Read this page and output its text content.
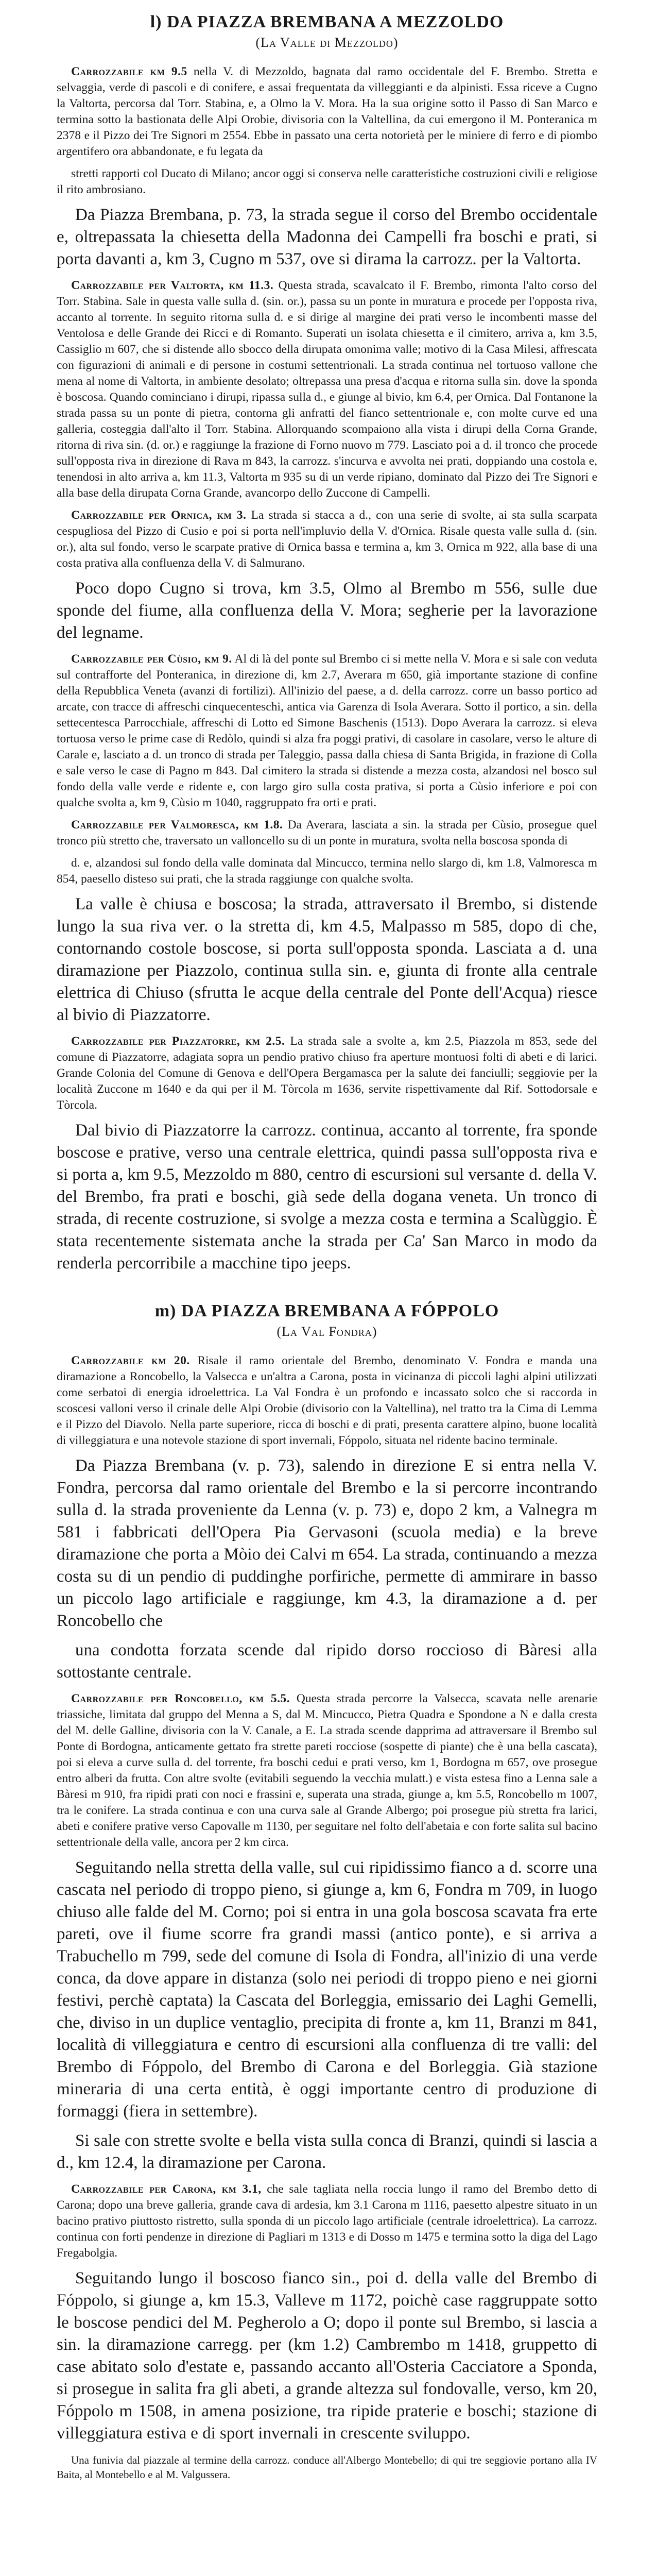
l) DA PIAZZA BREMBANA A MEZZOLDO
(La Valle di Mezzoldo)

Carrozzabile km 9.5 nella V. di Mezzoldo, bagnata dal ramo occidentale del F. Brembo. Stretta e selvaggia, verde di pascoli e di conifere, e assai frequentata da villeggianti e da alpinisti. Essa riceve a Cugno la Valtorta, percorsa dal Torr. Stabina, e, a Olmo la V. Mora. Ha la sua origine sotto il Passo di San Marco e termina sotto la bastionata delle Alpi Orobie, divisoria con la Valtellina, da cui emergono il M. Ponteranica m 2378 e il Pizzo dei Tre Signori m 2554. Ebbe in passato una certa notorietà per le miniere di ferro e di piombo argentifero ora abbandonate, e fu legata da

stretti rapporti col Ducato di Milano; ancor oggi si conserva nelle caratteristiche costruzioni civili e religiose il rito ambrosiano.

Da Piazza Brembana, p. 73, la strada segue il corso del Brembo occidentale e, oltrepassata la chiesetta della Madonna dei Campelli fra boschi e prati, si porta davanti a, km 3, Cugno m 537, ove si dirama la carrozz. per la Valtorta.

Carrozzabile per Valtorta, km 11.3. Questa strada, scavalcato il F. Brembo, rimonta l'alto corso del Torr. Stabina. Sale in questa valle sulla d. (sin. or.), passa su un ponte in muratura e procede per l'opposta riva, accanto al torrente. In seguito ritorna sulla d. e si dirige al margine dei prati verso le incombenti masse del Ventolosa e delle Grande dei Ricci e di Romanto. Superati un isolata chiesetta e il cimitero, arriva a, km 3.5, Cassiglio m 607, che si distende allo sbocco della dirupata omonima valle; motivo di la Casa Milesi, affrescata con figurazioni di animali e di persone in costumi settentrionali. La strada continua nel tortuoso vallone che mena al nome di Valtorta, in ambiente desolato; oltrepassa una presa d'acqua e ritorna sulla sin. dove la sponda è boscosa. Quando cominciano i dirupi, ripassa sulla d., e giunge al bivio, km 6.4, per Ornica. Dal Fontanone la strada passa su un ponte di pietra, contorna gli anfratti del fianco settentrionale e, con molte curve ed una galleria, costeggia dall'alto il Torr. Stabina. Allorquando scompaiono alla vista i dirupi della Corna Grande, ritorna di riva sin. (d. or.) e raggiunge la frazione di Forno nuovo m 779. Lasciato poi a d. il tronco che procede sull'opposta riva in direzione di Rava m 843, la carrozz. s'incurva e avvolta nei prati, doppiando una costola e, tenendosi in alto arriva a, km 11.3, Valtorta m 935 su di un verde ripiano, dominato dal Pizzo dei Tre Signori e alla base della dirupata Corna Grande, avancorpo dello Zuccone di Campelli.

Carrozzabile per Ornica, km 3. La strada si stacca a d., con una serie di svolte, ai sta sulla scarpata cespugliosa del Pizzo di Cusio e poi si porta nell'impluvio della V. d'Ornica. Risale questa valle sulla d. (sin. or.), alta sul fondo, verso le scarpate prative di Ornica bassa e termina a, km 3, Ornica m 922, alla base di una costa prativa alla confluenza della V. di Salmurano.

Poco dopo Cugno si trova, km 3.5, Olmo al Brembo m 556, sulle due sponde del fiume, alla confluenza della V. Mora; segherie per la lavorazione del legname.

Carrozzabile per Cùsio, km 9. Al di là del ponte sul Brembo ci si mette nella V. Mora e si sale con veduta sul contrafforte del Ponteranica, in direzione di, km 2.7, Averara m 650, già importante stazione di confine della Repubblica Veneta (avanzi di fortilizi). All'inizio del paese, a d. della carrozz. corre un basso portico ad arcate, con tracce di affreschi cinquecenteschi, antica via Garenza di Isola Averara. Sotto il portico, a sin. della settecentesca Parrocchiale, affreschi di Lotto ed Simone Baschenis (1513). Dopo Averara la carrozz. si eleva tortuosa verso le prime case di Redòlo, quindi si alza fra poggi prativi, di casolare in casolare, verso le alture di Carale e, lasciato a d. un tronco di strada per Taleggio, passa dalla chiesa di Santa Brigida, in frazione di Colla e sale verso le case di Pagno m 843. Dal cimitero la strada si distende a mezza costa, alzandosi nel bosco sul fondo della valle verde e ridente e, con largo giro sulla costa prativa, si porta a Cùsio inferiore e poi con qualche svolta a, km 9, Cùsio m 1040, raggruppato fra orti e prati.

Carrozzabile per Valmoresca, km 1.8. Da Averara, lasciata a sin. la strada per Cùsio, prosegue quel tronco più stretto che, traversato un valloncello su di un ponte in muratura, svolta nella boscosa sponda di

d. e, alzandosi sul fondo della valle dominata dal Mincucco, termina nello slargo di, km 1.8, Valmoresca m 854, paesello disteso sui prati, che la strada raggiunge con qualche svolta.

La valle è chiusa e boscosa; la strada, attraversato il Brembo, si distende lungo la sua riva ver. o la stretta di, km 4.5, Malpasso m 585, dopo di che, contornando costole boscose, si porta sull'opposta sponda. Lasciata a d. una diramazione per Piazzolo, continua sulla sin. e, giunta di fronte alla centrale elettrica di Chiuso (sfrutta le acque della centrale del Ponte dell'Acqua) riesce al bivio di Piazzatorre.

Carrozzabile per Piazzatorre, km 2.5. La strada sale a svolte a, km 2.5, Piazzola m 853, sede del comune di Piazzatorre, adagiata sopra un pendio prativo chiuso fra aperture montuosi folti di abeti e di larici. Grande Colonia del Comune di Genova e dell'Opera Bergamasca per la salute dei fanciulli; seggiovie per la località Zuccone m 1640 e da qui per il M. Tòrcola m 1636, servite rispettivamente dal Rif. Sottodorsale e Tòrcola.

Dal bivio di Piazzatorre la carrozz. continua, accanto al torrente, fra sponde boscose e prative, verso una centrale elettrica, quindi passa sull'opposta riva e si porta a, km 9.5, Mezzoldo m 880, centro di escursioni sul versante d. della V. del Brembo, fra prati e boschi, già sede della dogana veneta. Un tronco di strada, di recente costruzione, si svolge a mezza costa e termina a Scalùggio. È stata recentemente sistemata anche la strada per Ca' San Marco in modo da renderla percorribile a macchine tipo jeeps.

m) DA PIAZZA BREMBANA A FÓPPOLO
(La Val Fondra)

Carrozzabile km 20. Risale il ramo orientale del Brembo, denominato V. Fondra e manda una diramazione a Roncobello, la Valsecca e un'altra a Carona, posta in vicinanza di piccoli laghi alpini utilizzati come serbatoi di energia idroelettrica. La Val Fondra è un profondo e incassato solco che si raccorda in scoscesi valloni verso il crinale delle Alpi Orobie (divisorio con la Valtellina), nel tratto tra la Cima di Lemma e il Pizzo del Diavolo. Nella parte superiore, ricca di boschi e di prati, presenta carattere alpino, buone località di villeggiatura e una notevole stazione di sport invernali, Fóppolo, situata nel ridente bacino terminale.

Da Piazza Brembana (v. p. 73), salendo in direzione E si entra nella V. Fondra, percorsa dal ramo orientale del Brembo e la si percorre incontrando sulla d. la strada proveniente da Lenna (v. p. 73) e, dopo 2 km, a Valnegra m 581 i fabbricati dell'Opera Pia Gervasoni (scuola media) e la breve diramazione che porta a Mòio dei Calvi m 654. La strada, continuando a mezza costa su di un pendio di puddinghe porfiriche, permette di ammirare in basso un piccolo lago artificiale e raggiunge, km 4.3, la diramazione a d. per Roncobello che

una condotta forzata scende dal ripido dorso roccioso di Bàresi alla sottostante centrale.

Carrozzabile per Roncobello, km 5.5. Questa strada percorre la Valsecca, scavata nelle arenarie triassiche, limitata dal gruppo del Menna a S, dal M. Mincucco, Pietra Quadra e Spondone a N e dalla cresta del M. delle Galline, divisoria con la V. Canale, a E. La strada scende dapprima ad attraversare il Brembo sul Ponte di Bordogna, anticamente gettato fra strette pareti rocciose (sospette di piante) che è una bella cascata), poi si eleva a curve sulla d. del torrente, fra boschi cedui e prati verso, km 1, Bordogna m 657, ove prosegue entro alberi da frutta. Con altre svolte (evitabili seguendo la vecchia mulatt.) e vista estesa fino a Lenna sale a Bàresi m 910, fra ripidi prati con noci e frassini e, superata una strada, giunge a, km 5.5, Roncobello m 1007, tra le conifere. La strada continua e con una curva sale al Grande Albergo; poi prosegue più stretta fra larici, abeti e conifere prative verso Capovalle m 1130, per seguitare nel folto dell'abetaia e con forte salita sul bacino settentrionale della valle, ancora per 2 km circa.

Seguitando nella stretta della valle, sul cui ripidissimo fianco a d. scorre una cascata nel periodo di troppo pieno, si giunge a, km 6, Fondra m 709, in luogo chiuso alle falde del M. Corno; poi si entra in una gola boscosa scavata fra erte pareti, ove il fiume scorre fra grandi massi (antico ponte), e si arriva a Trabuchello m 799, sede del comune di Isola di Fondra, all'inizio di una verde conca, da dove appare in distanza (solo nei periodi di troppo pieno e nei giorni festivi, perchè captata) la Cascata del Borleggia, emissario dei Laghi Gemelli, che, diviso in un duplice ventaglio, precipita di fronte a, km 11, Branzi m 841, località di villeggiatura e centro di escursioni alla confluenza di tre valli: del Brembo di Fóppolo, del Brembo di Carona e del Borleggia. Già stazione mineraria di una certa entità, è oggi importante centro di produzione di formaggi (fiera in settembre).

Si sale con strette svolte e bella vista sulla conca di Branzi, quindi si lascia a d., km 12.4, la diramazione per Carona.

Carrozzabile per Carona, km 3.1, che sale tagliata nella roccia lungo il ramo del Brembo detto di Carona; dopo una breve galleria, grande cava di ardesia, km 3.1 Carona m 1116, paesetto alpestre situato in un bacino prativo piuttosto ristretto, sulla sponda di un piccolo lago artificiale (centrale idroelettrica). La carrozz. continua con forti pendenze in direzione di Pagliari m 1313 e di Dosso m 1475 e termina sotto la diga del Lago Fregabolgia.

Seguitando lungo il boscoso fianco sin., poi d. della valle del Brembo di Fóppolo, si giunge a, km 15.3, Valleve m 1172, poichè case raggruppate sotto le boscose pendici del M. Pegherolo a O; dopo il ponte sul Brembo, si lascia a sin. la diramazione carregg. per (km 1.2) Cambrembo m 1418, gruppetto di case abitato solo d'estate e, passando accanto all'Osteria Cacciatore a Sponda, si prosegue in salita fra gli abeti, a grande altezza sul fondovalle, verso, km 20, Fóppolo m 1508, in amena posizione, tra ripide praterie e boschi; stazione di villeggiatura estiva e di sport invernali in crescente sviluppo.

Una funivia dal piazzale al termine della carrozz. conduce all'Albergo Montebello; di qui tre seggiovie portano alla IV Baita, al Montebello e al M. Valgussera.
